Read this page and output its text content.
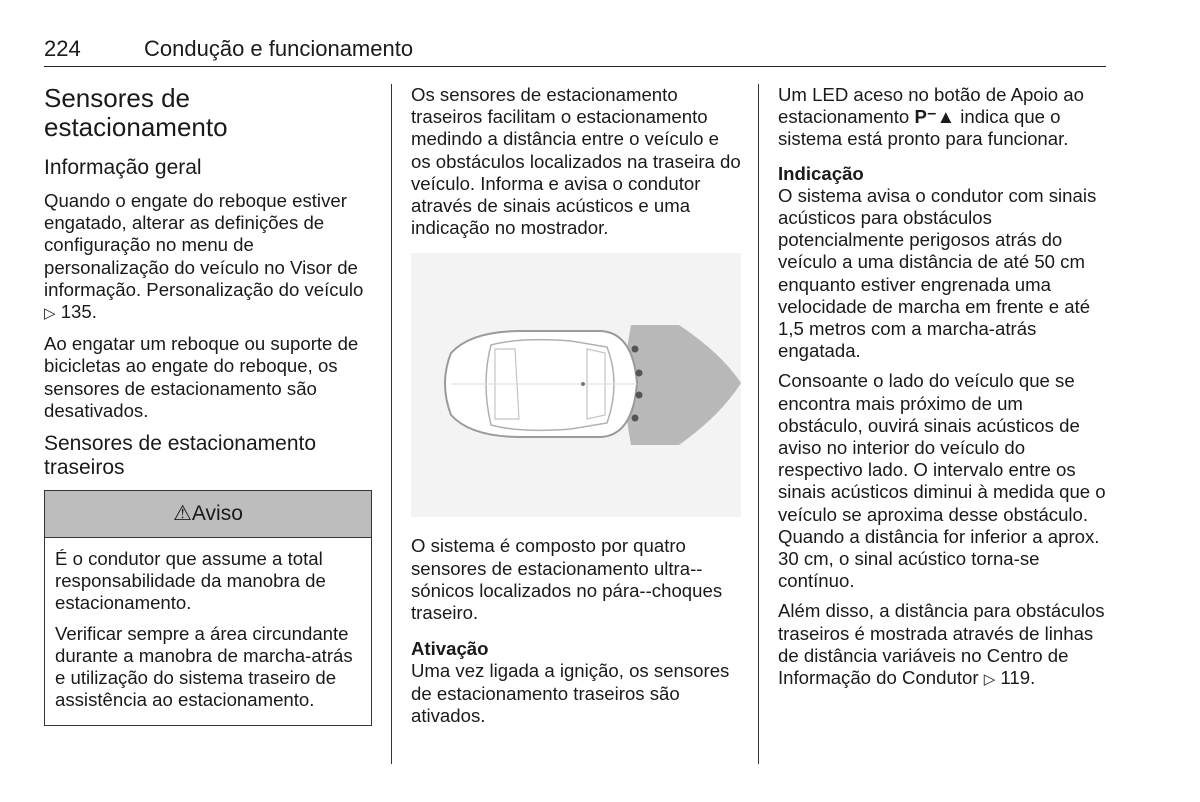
224	Condução e funcionamento
Sensores de estacionamento
Informação geral

Quando o engate do reboque estiver engatado, alterar as definições de configuração no menu de personalização do veículo no Visor de informação. Personalização do veículo ▷ 135.

Ao engatar um reboque ou suporte de bicicletas ao engate do reboque, os sensores de estacionamento são desativados.

Sensores de estacionamento traseiros
⚠Aviso

É o condutor que assume a total responsabilidade da manobra de estacionamento.

Verificar sempre a área circundante durante a manobra de marcha-atrás e utilização do sistema traseiro de assistência ao estacionamento.

Os sensores de estacionamento traseiros facilitam o estacionamento medindo a distância entre o veículo e os obstáculos localizados na traseira do veículo. Informa e avisa o condutor através de sinais acústicos e uma indicação no mostrador.

O sistema é composto por quatro sensores de estacionamento ultra--sónicos localizados no pára--choques traseiro.

Ativação

Uma vez ligada a ignição, os sensores de estacionamento traseiros são ativados.

Um LED aceso no botão de Apoio ao estacionamento P⁻▲ indica que o sistema está pronto para funcionar.

Indicação

O sistema avisa o condutor com sinais acústicos para obstáculos potencialmente perigosos atrás do veículo a uma distância de até 50 cm enquanto estiver engrenada uma velocidade de marcha em frente e até 1,5 metros com a marcha-atrás engatada.

Consoante o lado do veículo que se encontra mais próximo de um obstáculo, ouvirá sinais acústicos de aviso no interior do veículo do respectivo lado. O intervalo entre os sinais acústicos diminui à medida que o veículo se aproxima desse obstáculo. Quando a distância for inferior a aprox. 30 cm, o sinal acústico torna-se contínuo.

Além disso, a distância para obstáculos traseiros é mostrada através de linhas de distância variáveis no Centro de Informação do Condutor ▷ 119.
